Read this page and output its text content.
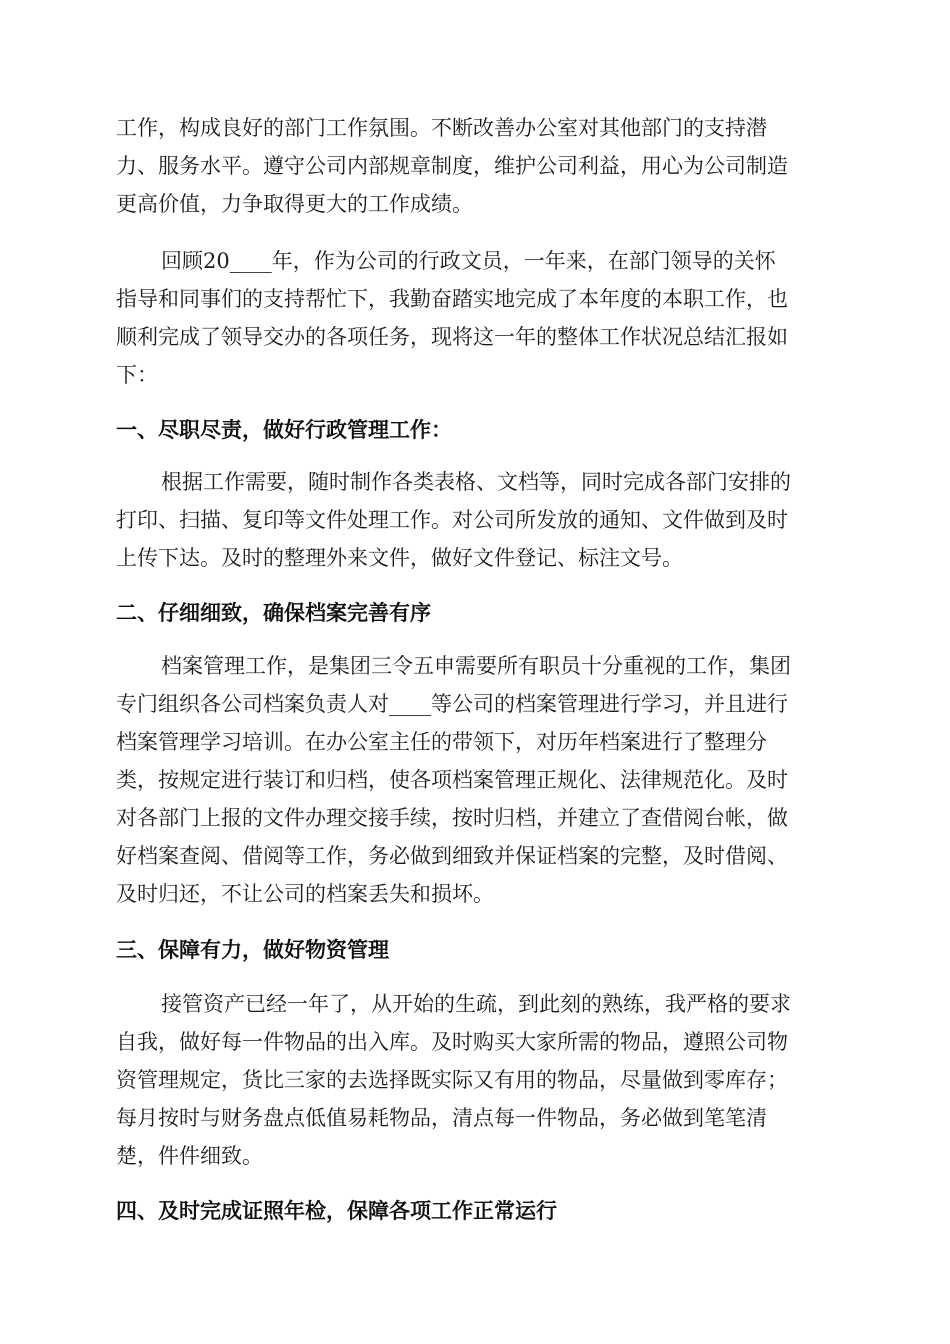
工作，构成良好的部门工作氛围。不断改善办公室对其他部门的支持潜
力、服务水平。遵守公司内部规章制度，维护公司利益，用心为公司制造
更高价值，力争取得更大的工作成绩。

回顾20____年，作为公司的行政文员，一年来，在部门领导的关怀
指导和同事们的支持帮忙下，我勤奋踏实地完成了本年度的本职工作，也
顺利完成了领导交办的各项任务，现将这一年的整体工作状况总结汇报如
下：

一、尽职尽责，做好行政管理工作：

根据工作需要，随时制作各类表格、文档等，同时完成各部门安排的
打印、扫描、复印等文件处理工作。对公司所发放的通知、文件做到及时
上传下达。及时的整理外来文件，做好文件登记、标注文号。

二、仔细细致，确保档案完善有序

档案管理工作，是集团三令五申需要所有职员十分重视的工作，集团
专门组织各公司档案负责人对____等公司的档案管理进行学习，并且进行
档案管理学习培训。在办公室主任的带领下，对历年档案进行了整理分
类，按规定进行装订和归档，使各项档案管理正规化、法律规范化。及时
对各部门上报的文件办理交接手续，按时归档，并建立了查借阅台帐，做
好档案查阅、借阅等工作，务必做到细致并保证档案的完整，及时借阅、
及时归还，不让公司的档案丢失和损坏。

三、保障有力，做好物资管理

接管资产已经一年了，从开始的生疏，到此刻的熟练，我严格的要求
自我，做好每一件物品的出入库。及时购买大家所需的物品，遵照公司物
资管理规定，货比三家的去选择既实际又有用的物品，尽量做到零库存；
每月按时与财务盘点低值易耗物品，清点每一件物品，务必做到笔笔清
楚，件件细致。

四、及时完成证照年检，保障各项工作正常运行
